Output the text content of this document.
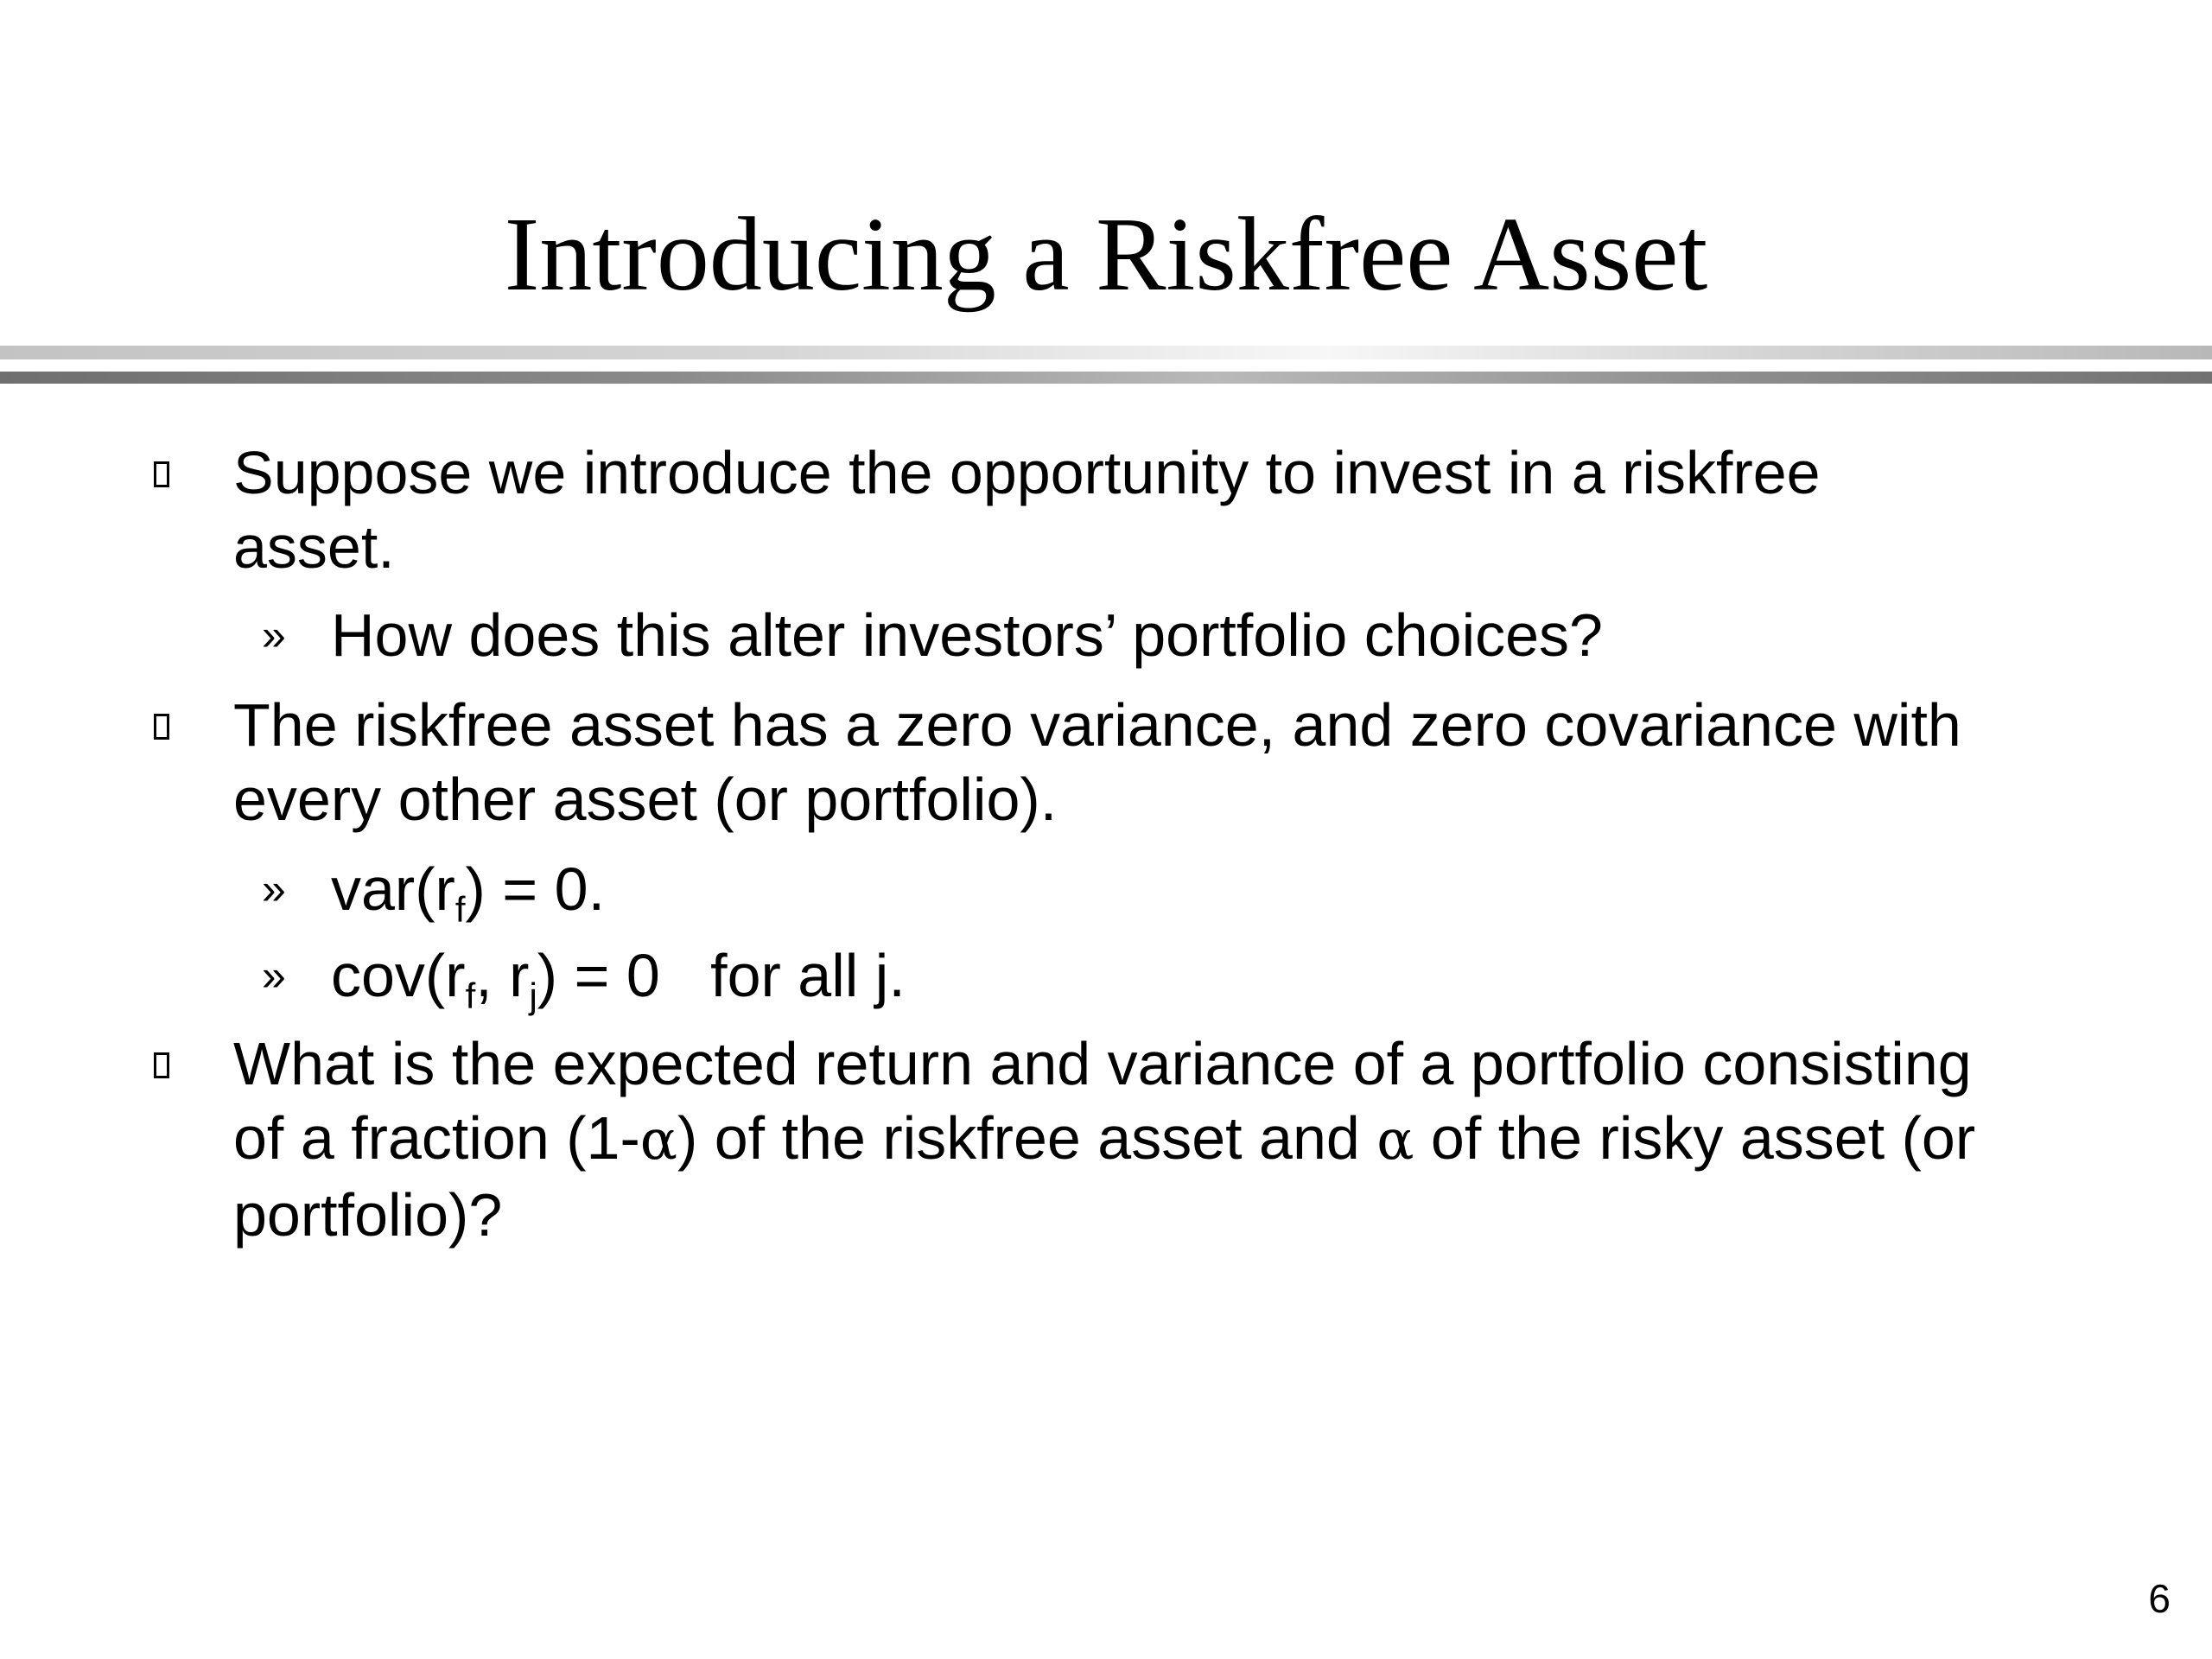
Introducing a Riskfree Asset
Suppose we introduce the opportunity to invest in a riskfree
asset.
» How does this alter investors’ portfolio choices?
The riskfree asset has a zero variance, and zero covariance with
every other asset (or portfolio).
» $var(r_f) = 0$.
» $cov(r_f$, $r_j) = 0$   for all j.
What is the expected return and variance of a portfolio consisting
of a fraction (1-α) of the riskfree asset and α of the risky asset (or
portfolio)?
6
